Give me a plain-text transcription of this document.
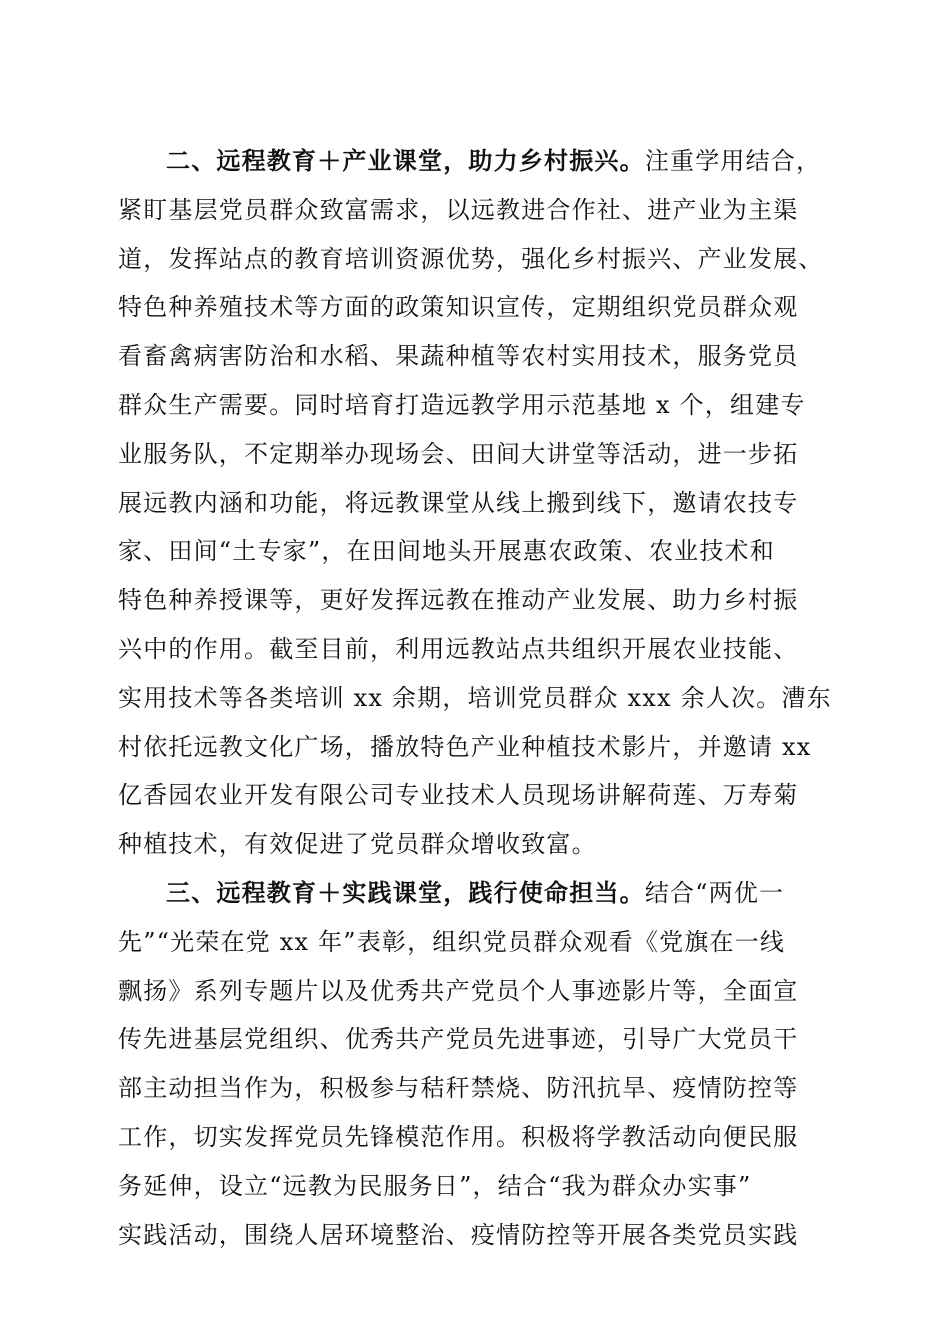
二、远程教育＋产业课堂，助力乡村振兴。注重学用结合，
紧盯基层党员群众致富需求，以远教进合作社、进产业为主渠
道，发挥站点的教育培训资源优势，强化乡村振兴、产业发展、
特色种养殖技术等方面的政策知识宣传，定期组织党员群众观
看畜禽病害防治和水稻、果蔬种植等农村实用技术，服务党员
群众生产需要。同时培育打造远教学用示范基地 x 个，组建专
业服务队，不定期举办现场会、田间大讲堂等活动，进一步拓
展远教内涵和功能，将远教课堂从线上搬到线下，邀请农技专
家、田间“土专家”，在田间地头开展惠农政策、农业技术和
特色种养授课等，更好发挥远教在推动产业发展、助力乡村振
兴中的作用。截至目前，利用远教站点共组织开展农业技能、
实用技术等各类培训 xx 余期，培训党员群众 xxx 余人次。漕东
村依托远教文化广场，播放特色产业种植技术影片，并邀请 xx
亿香园农业开发有限公司专业技术人员现场讲解荷莲、万寿菊
种植技术，有效促进了党员群众增收致富。
三、远程教育＋实践课堂，践行使命担当。结合“两优一
先”“光荣在党 xx 年”表彰，组织党员群众观看《党旗在一线
飘扬》系列专题片以及优秀共产党员个人事迹影片等，全面宣
传先进基层党组织、优秀共产党员先进事迹，引导广大党员干
部主动担当作为，积极参与秸秆禁烧、防汛抗旱、疫情防控等
工作，切实发挥党员先锋模范作用。积极将学教活动向便民服
务延伸，设立“远教为民服务日”，结合“我为群众办实事”
实践活动，围绕人居环境整治、疫情防控等开展各类党员实践
